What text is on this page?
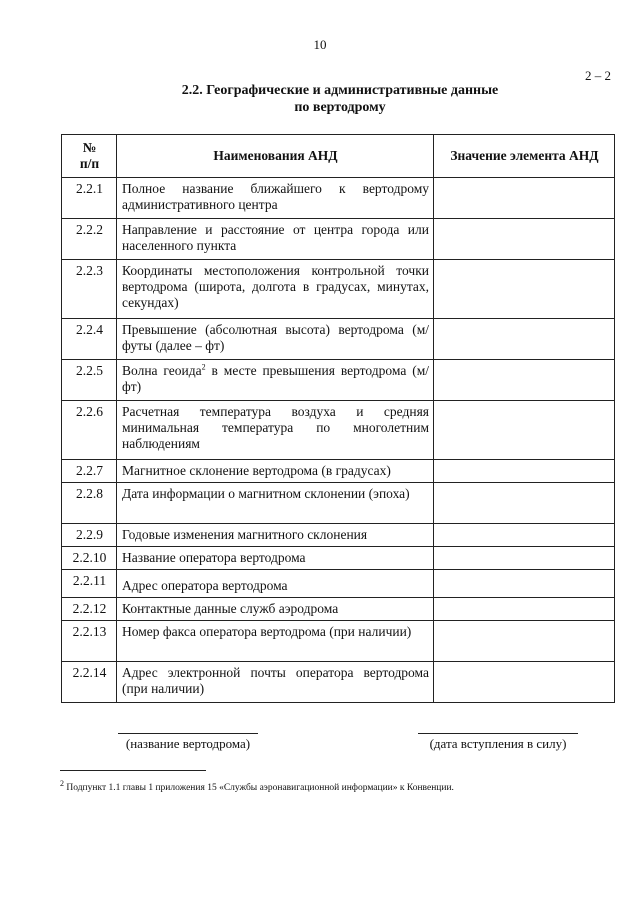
10
2 – 2
2.2. Географические и административные данные
по вертодрому
№
п/п	Наименования АНД	Значение элемента АНД
2.2.1	Полное название ближайшего к вертодрому административного центра	
2.2.2	Направление и расстояние от центра города или населенного пункта	
2.2.3	Координаты местоположения контрольной точки вертодрома (широта, долгота в градусах, минутах, секундах)	
2.2.4	Превышение (абсолютная высота) вертодрома (м/футы (далее – фт)	
2.2.5	Волна геоида$^2$ в месте превышения вертодрома (м/фт)	
2.2.6	Расчетная температура воздуха и средняя минимальная температура по многолетним наблюдениям	
2.2.7	Магнитное склонение вертодрома (в градусах)	
2.2.8	Дата информации о магнитном склонении (эпоха)	
2.2.9	Годовые изменения магнитного склонения	
2.2.10	Название оператора вертодрома	
2.2.11	Адрес оператора вертодрома	
2.2.12	Контактные данные служб аэродрома	
2.2.13	Номер факса оператора вертодрома (при наличии)	
2.2.14	Адрес электронной почты оператора вертодрома (при наличии)	
(название вертодрома)	(дата вступления в силу)
$^2$ Подпункт 1.1 главы 1 приложения 15 «Службы аэронавигационной информации» к Конвенции.
